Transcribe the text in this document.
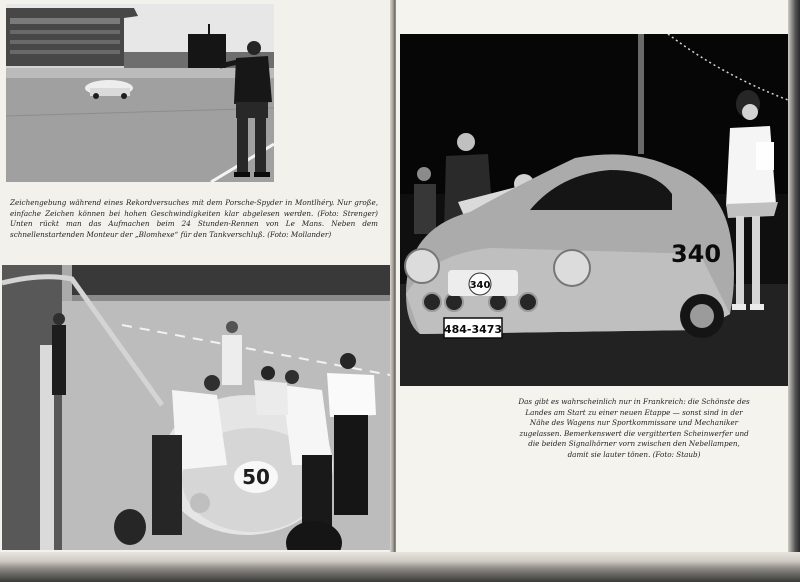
Zeichengebung während eines Rekordversuches mit dem Porsche-Spyder in Montlhéry. Nur große, einfache Zeichen können bei hohen Geschwindigkeiten klar abgelesen werden. (Foto: Strenger) Unten rückt man das Aufmachen beim 24 Stunden-Rennen von Le Mans. Neben dem schnellenstartenden Monteur der „Blomhexe“ für den Tankverschluß. (Foto: Mollander)
50
340
340
484-3473
Das gibt es wahrscheinlich nur in Frankreich: die Schönste des Landes am Start zu einer neuen Etappe — sonst sind in der Nähe des Wagens nur Sportkommissare und Mechaniker zugelassen. Bemerkenswert die vergitterten Scheinwerfer und die beiden Signalhörner vorn zwischen den Nebellampen, damit sie lauter tönen. (Foto: Staub)
